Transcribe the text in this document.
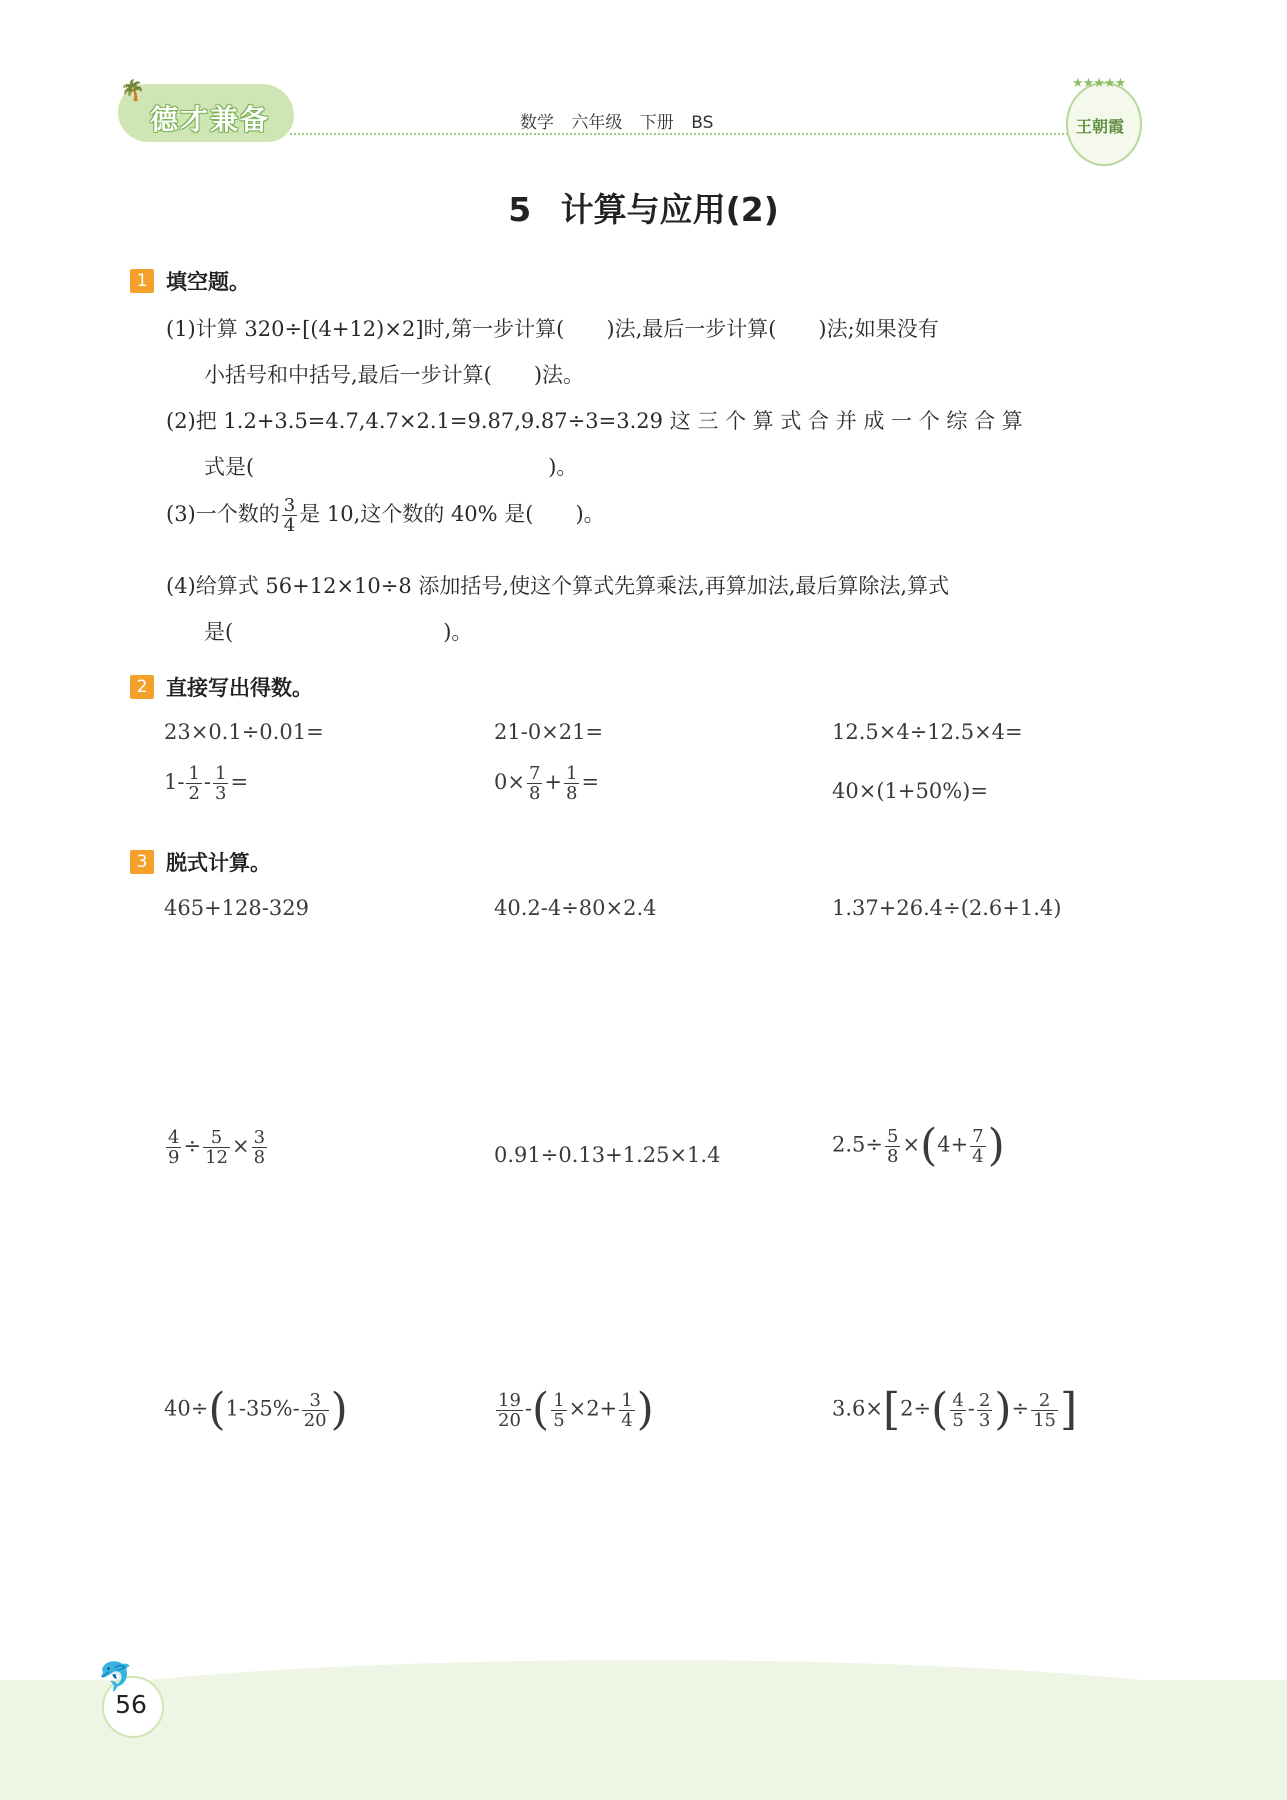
🌴
德才兼备	数学 六年级 下册 BS
★★★★★
王朝霞
5 计算与应用(2)
1 填空题。
(1)计算 320÷[(4+12)×2]时,第一步计算(　　)法,最后一步计算(　　)法;如果没有
小括号和中括号,最后一步计算(　　)法。
(2)把 1.2+3.5=4.7,4.7×2.1=9.87,9.87÷3=3.29 这 三 个 算 式 合 并 成 一 个 综 合 算
式是(　　　　　　　　　　　　　　)。
(3)一个数的 $\frac{3}{4}$ 是 10,这个数的 40% 是(　　)。
(4)给算式 56+12×10÷8 添加括号,使这个算式先算乘法,再算加法,最后算除法,算式
是(　　　　　　　　　　)。
2 直接写出得数。
23×0.1÷0.01=	21-0×21=	12.5×4÷12.5×4=
$1- \frac{1}{2} - \frac{1}{3}$ =	$0\times \frac{7}{8} + \frac{1}{8}$ =	40×(1+50%)=
3 脱式计算。
465+128-329	40.2-4÷80×2.4	1.37+26.4÷(2.6+1.4)
$\frac{4}{9} \div \frac{5}{12} \times \frac{3}{8}$	0.91÷0.13+1.25×1.4	$2.5\div \frac{5}{8} \times(4+ \frac{7}{4}$ )
$40\div(1-35\%- \frac{3}{20}$ )	$\frac{19}{20}$ -( $\frac{1}{5} \times 2+ \frac{1}{4}$ )	$3.6\times[2\div( \frac{4}{5} - \frac{2}{3}$ )÷ $\frac{2}{15}$ ]
🐬
56
